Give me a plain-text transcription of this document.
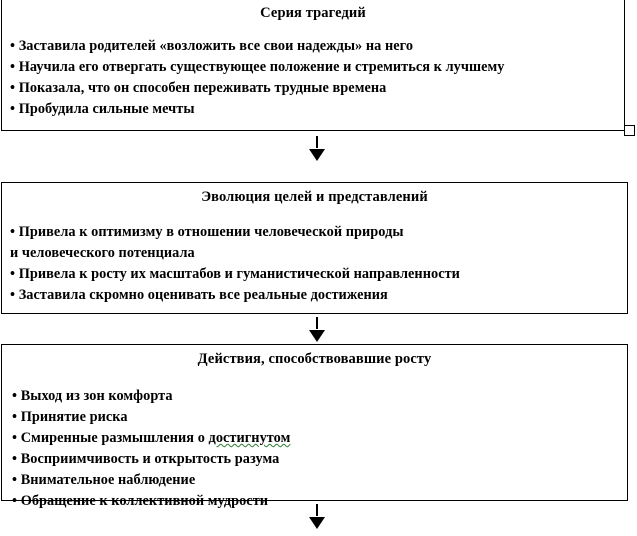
Серия трагедий
• Заставила родителей «возложить все свои надежды» на него
• Научила его отвергать существующее положение и стремиться к лучшему
• Показала, что он способен переживать трудные времена
• Пробудила сильные мечты
Эволюция целей и представлений
• Привела к оптимизму в отношении человеческой природы
и человеческого потенциала
• Привела к росту их масштабов и гуманистической направленности
• Заставила скромно оценивать все реальные достижения
Действия, способствовавшие росту
• Выход из зон комфорта
• Принятие риска
• Смиренные размышления о достигнутом
• Восприимчивость и открытость разума
• Внимательное наблюдение
• Обращение к коллективной мудрости
